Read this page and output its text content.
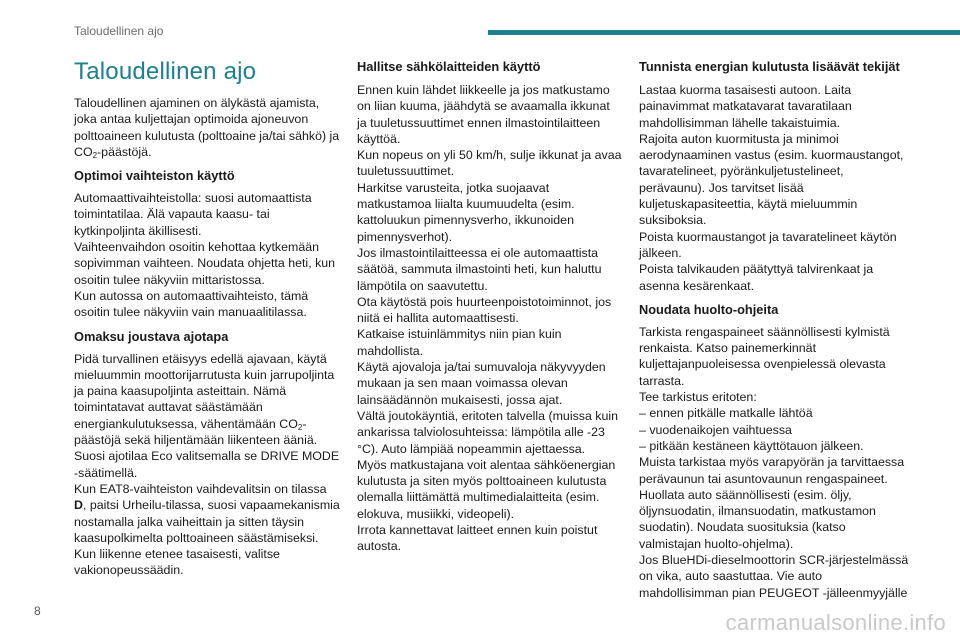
Taloudellinen ajo
Taloudellinen ajo

Taloudellinen ajaminen on älykästä ajamista, joka antaa kuljettajan optimoida ajoneuvon polttoaineen kulutusta (polttoaine ja/tai sähkö) ja $CO_2$-päästöjä.

Optimoi vaihteiston käyttö

Automaattivaihteistolla: suosi automaattista toimintatilaa. Älä vapauta kaasu- tai kytkinpoljinta äkillisesti.
Vaihteenvaihdon osoitin kehottaa kytkemään sopivimman vaihteen. Noudata ohjetta heti, kun osoitin tulee näkyviin mittaristossa.
Kun autossa on automaattivaihteisto, tämä osoitin tulee näkyviin vain manuaalitilassa.

Omaksu joustava ajotapa

Pidä turvallinen etäisyys edellä ajavaan, käytä mieluummin moottorijarrutusta kuin jarrupoljinta ja paina kaasupoljinta asteittain. Nämä toimintatavat auttavat säästämään energiankulutuksessa, vähentämään $CO_2$-päästöjä sekä hiljentämään liikenteen ääniä.
Suosi ajotilaa Eco valitsemalla se DRIVE MODE -säätimellä.
Kun EAT8-vaihteiston vaihdevalitsin on tilassa D, paitsi Urheilu-tilassa, suosi vapaamekanismia nostamalla jalka vaiheittain ja sitten täysin kaasupolkimelta polttoaineen säästämiseksi.
Kun liikenne etenee tasaisesti, valitse vakionopeussäädin.

Hallitse sähkölaitteiden käyttö

Ennen kuin lähdet liikkeelle ja jos matkustamo on liian kuuma, jäähdytä se avaamalla ikkunat ja tuuletussuuttimet ennen ilmastointilaitteen käyttöä.
Kun nopeus on yli 50 km/h, sulje ikkunat ja avaa tuuletussuuttimet.
Harkitse varusteita, jotka suojaavat matkustamoa liialta kuumuudelta (esim. kattoluukun pimennysverho, ikkunoiden pimennysverhot).
Jos ilmastointilaitteessa ei ole automaattista säätöä, sammuta ilmastointi heti, kun haluttu lämpötila on saavutettu.
Ota käytöstä pois huurteenpoistotoiminnot, jos niitä ei hallita automaattisesti.
Katkaise istuinlämmitys niin pian kuin mahdollista.
Käytä ajovaloja ja/tai sumuvaloja näkyvyyden mukaan ja sen maan voimassa olevan lainsäädännön mukaisesti, jossa ajat.
Vältä joutokäyntiä, eritoten talvella (muissa kuin ankarissa talviolosuhteissa: lämpötila alle -23 °C). Auto lämpiää nopeammin ajettaessa.
Myös matkustajana voit alentaa sähköenergian kulutusta ja siten myös polttoaineen kulutusta olemalla liittämättä multimedialaitteita (esim. elokuva, musiikki, videopeli).
Irrota kannettavat laitteet ennen kuin poistut autosta.

Tunnista energian kulutusta lisäävät tekijät

Lastaa kuorma tasaisesti autoon. Laita painavimmat matkatavarat tavaratilaan mahdollisimman lähelle takaistuimia.
Rajoita auton kuormitusta ja minimoi aerodynaaminen vastus (esim. kuormaustangot, tavaratelineet, pyöränkuljetustelineet, perävaunu). Jos tarvitset lisää kuljetuskapasiteettia, käytä mieluummin suksiboksia.
Poista kuormaustangot ja tavaratelineet käytön jälkeen.
Poista talvikauden päätyttyä talvirenkaat ja asenna kesärenkaat.

Noudata huolto-ohjeita

Tarkista rengaspaineet säännöllisesti kylmistä renkaista. Katso painemerkinnät kuljettajanpuoleisessa ovenpielessä olevasta tarrasta.
Tee tarkistus eritoten:
– ennen pitkälle matkalle lähtöä
– vuodenaikojen vaihtuessa
– pitkään kestäneen käyttötauon jälkeen.
Muista tarkistaa myös varapyörän ja tarvittaessa perävaunun tai asuntovaunun rengaspaineet.
Huollata auto säännöllisesti (esim. öljy, öljynsuodatin, ilmansuodatin, matkustamon suodatin). Noudata suosituksia (katso valmistajan huolto-ohjelma).
Jos BlueHDi-dieselmoottorin SCR-järjestelmässä on vika, auto saastuttaa. Vie auto mahdollisimman pian PEUGEOT -jälleenmyyjälle

8	carmanualsonline.info
